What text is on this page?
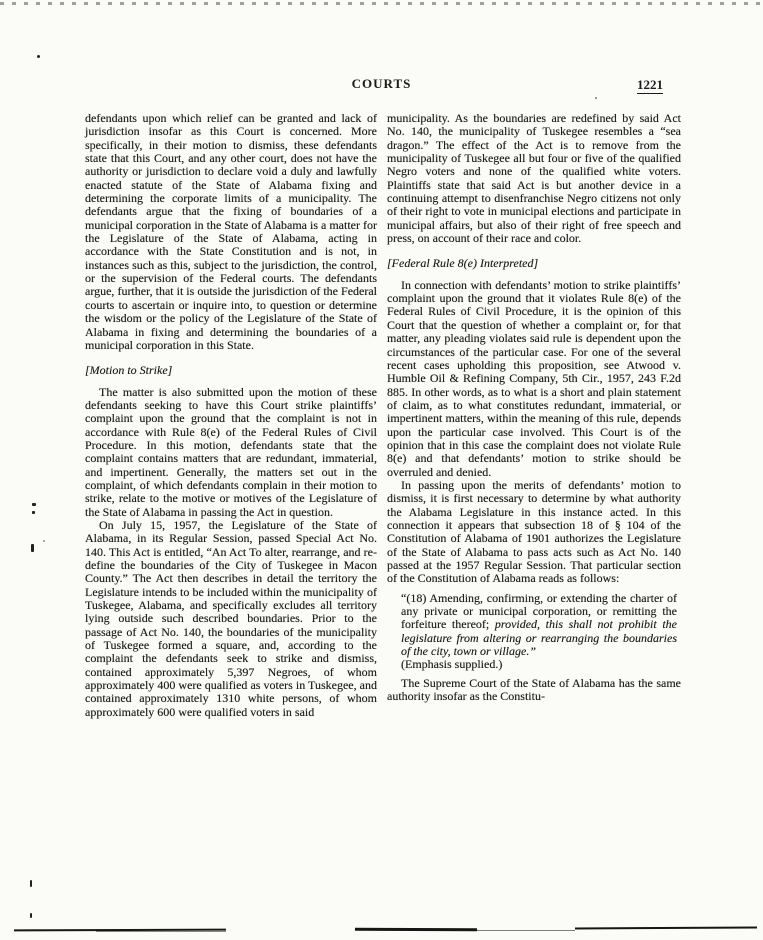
COURTS	1221

defendants upon which relief can be granted and lack of jurisdiction insofar as this Court is concerned. More specifically, in their motion to dismiss, these defendants state that this Court, and any other court, does not have the authority or jurisdiction to declare void a duly and lawfully enacted statute of the State of Alabama fixing and determining the corporate limits of a municipality. The defendants argue that the fixing of boundaries of a municipal corporation in the State of Alabama is a matter for the Legislature of the State of Alabama, acting in accordance with the State Constitution and is not, in instances such as this, subject to the jurisdiction, the control, or the supervision of the Federal courts. The defendants argue, further, that it is outside the jurisdiction of the Federal courts to ascertain or inquire into, to question or determine the wisdom or the policy of the Legislature of the State of Alabama in fixing and determining the boundaries of a municipal corporation in this State.

[Motion to Strike]

The matter is also submitted upon the motion of these defendants seeking to have this Court strike plaintiffs’ complaint upon the ground that the complaint is not in accordance with Rule 8(e) of the Federal Rules of Civil Procedure. In this motion, defendants state that the complaint contains matters that are redundant, immaterial, and impertinent. Generally, the matters set out in the complaint, of which defendants complain in their motion to strike, relate to the motive or motives of the Legislature of the State of Alabama in passing the Act in question.

On July 15, 1957, the Legislature of the State of Alabama, in its Regular Session, passed Special Act No. 140. This Act is entitled, “An Act To alter, rearrange, and re-define the boundaries of the City of Tuskegee in Macon County.” The Act then describes in detail the territory the Legislature intends to be included within the municipality of Tuskegee, Alabama, and specifically excludes all territory lying outside such described boundaries. Prior to the passage of Act No. 140, the boundaries of the municipality of Tuskegee formed a square, and, according to the complaint the defendants seek to strike and dismiss, contained approximately 5,397 Negroes, of whom approximately 400 were qualified as voters in Tuskegee, and contained approximately 1310 white persons, of whom approximately 600 were qualified voters in said

municipality. As the boundaries are redefined by said Act No. 140, the municipality of Tuskegee resembles a “sea dragon.” The effect of the Act is to remove from the municipality of Tuskegee all but four or five of the qualified Negro voters and none of the qualified white voters. Plaintiffs state that said Act is but another device in a continuing attempt to disenfranchise Negro citizens not only of their right to vote in municipal elections and participate in municipal affairs, but also of their right of free speech and press, on account of their race and color.

[Federal Rule 8(e) Interpreted]

In connection with defendants’ motion to strike plaintiffs’ complaint upon the ground that it violates Rule 8(e) of the Federal Rules of Civil Procedure, it is the opinion of this Court that the question of whether a complaint or, for that matter, any pleading violates said rule is dependent upon the circumstances of the particular case. For one of the several recent cases upholding this proposition, see Atwood v. Humble Oil & Refining Company, 5th Cir., 1957, 243 F.2d 885. In other words, as to what is a short and plain statement of claim, as to what constitutes redundant, immaterial, or impertinent matters, within the meaning of this rule, depends upon the particular case involved. This Court is of the opinion that in this case the complaint does not violate Rule 8(e) and that defendants’ motion to strike should be overruled and denied.

In passing upon the merits of defendants’ motion to dismiss, it is first necessary to determine by what authority the Alabama Legislature in this instance acted. In this connection it appears that subsection 18 of § 104 of the Constitution of Alabama of 1901 authorizes the Legislature of the State of Alabama to pass acts such as Act No. 140 passed at the 1957 Regular Session. That particular section of the Constitution of Alabama reads as follows:

“(18) Amending, confirming, or extending the charter of any private or municipal corporation, or remitting the forfeiture thereof; provided, this shall not prohibit the legislature from altering or rearranging the boundaries of the city, town or village.”
(Emphasis supplied.)

The Supreme Court of the State of Alabama has the same authority insofar as the Constitu-
